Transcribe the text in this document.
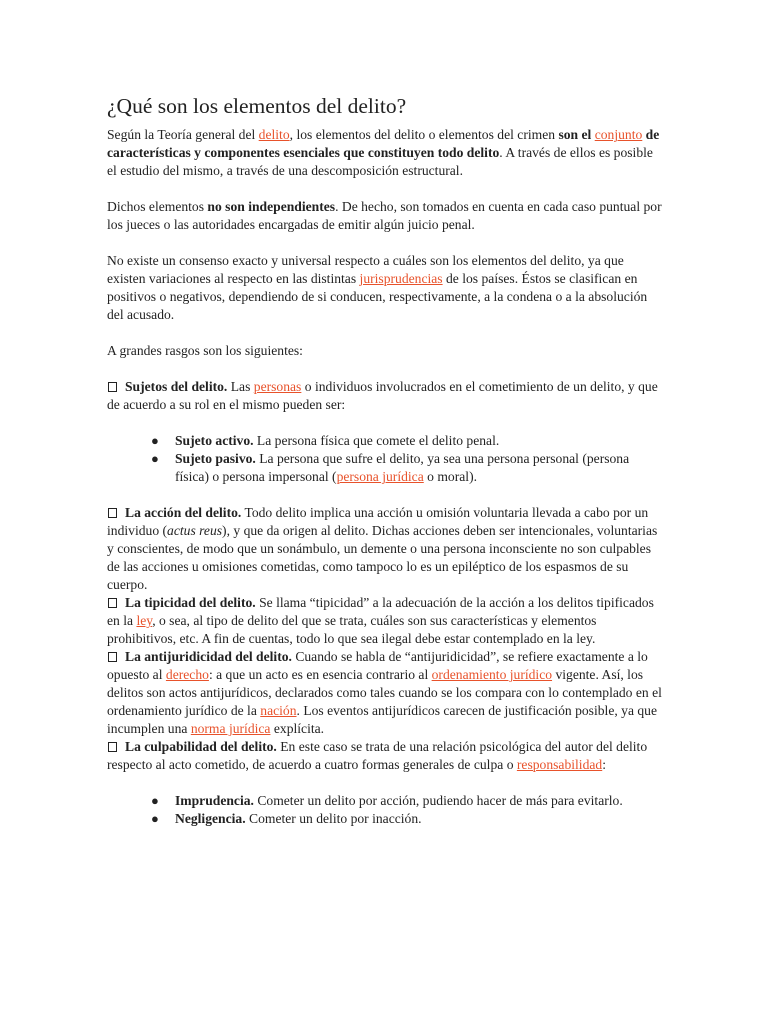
¿Qué son los elementos del delito?

Según la Teoría general del delito, los elementos del delito o elementos del crimen son el conjunto de características y componentes esenciales que constituyen todo delito. A través de ellos es posible el estudio del mismo, a través de una descomposición estructural.

Dichos elementos no son independientes. De hecho, son tomados en cuenta en cada caso puntual por los jueces o las autoridades encargadas de emitir algún juicio penal.

No existe un consenso exacto y universal respecto a cuáles son los elementos del delito, ya que existen variaciones al respecto en las distintas jurisprudencias de los países. Éstos se clasifican en positivos o negativos, dependiendo de si conducen, respectivamente, a la condena o a la absolución del acusado.

A grandes rasgos son los siguientes:

Sujetos del delito. Las personas o individuos involucrados en el cometimiento de un delito, y que de acuerdo a su rol en el mismo pueden ser:

● Sujeto activo. La persona física que comete el delito penal.
● Sujeto pasivo. La persona que sufre el delito, ya sea una persona personal (persona física) o persona impersonal (persona jurídica o moral).

La acción del delito. Todo delito implica una acción u omisión voluntaria llevada a cabo por un individuo (actus reus), y que da origen al delito. Dichas acciones deben ser intencionales, voluntarias y conscientes, de modo que un sonámbulo, un demente o una persona inconsciente no son culpables de las acciones u omisiones cometidas, como tampoco lo es un epiléptico de los espasmos de su cuerpo.

La tipicidad del delito. Se llama “tipicidad” a la adecuación de la acción a los delitos tipificados en la ley, o sea, al tipo de delito del que se trata, cuáles son sus características y elementos prohibitivos, etc. A fin de cuentas, todo lo que sea ilegal debe estar contemplado en la ley.

La antijuridicidad del delito. Cuando se habla de “antijuridicidad”, se refiere exactamente a lo opuesto al derecho: a que un acto es en esencia contrario al ordenamiento jurídico vigente. Así, los delitos son actos antijurídicos, declarados como tales cuando se los compara con lo contemplado en el ordenamiento jurídico de la nación. Los eventos antijurídicos carecen de justificación posible, ya que incumplen una norma jurídica explícita.

La culpabilidad del delito. En este caso se trata de una relación psicológica del autor del delito respecto al acto cometido, de acuerdo a cuatro formas generales de culpa o responsabilidad:

● Imprudencia. Cometer un delito por acción, pudiendo hacer de más para evitarlo.
● Negligencia. Cometer un delito por inacción.
